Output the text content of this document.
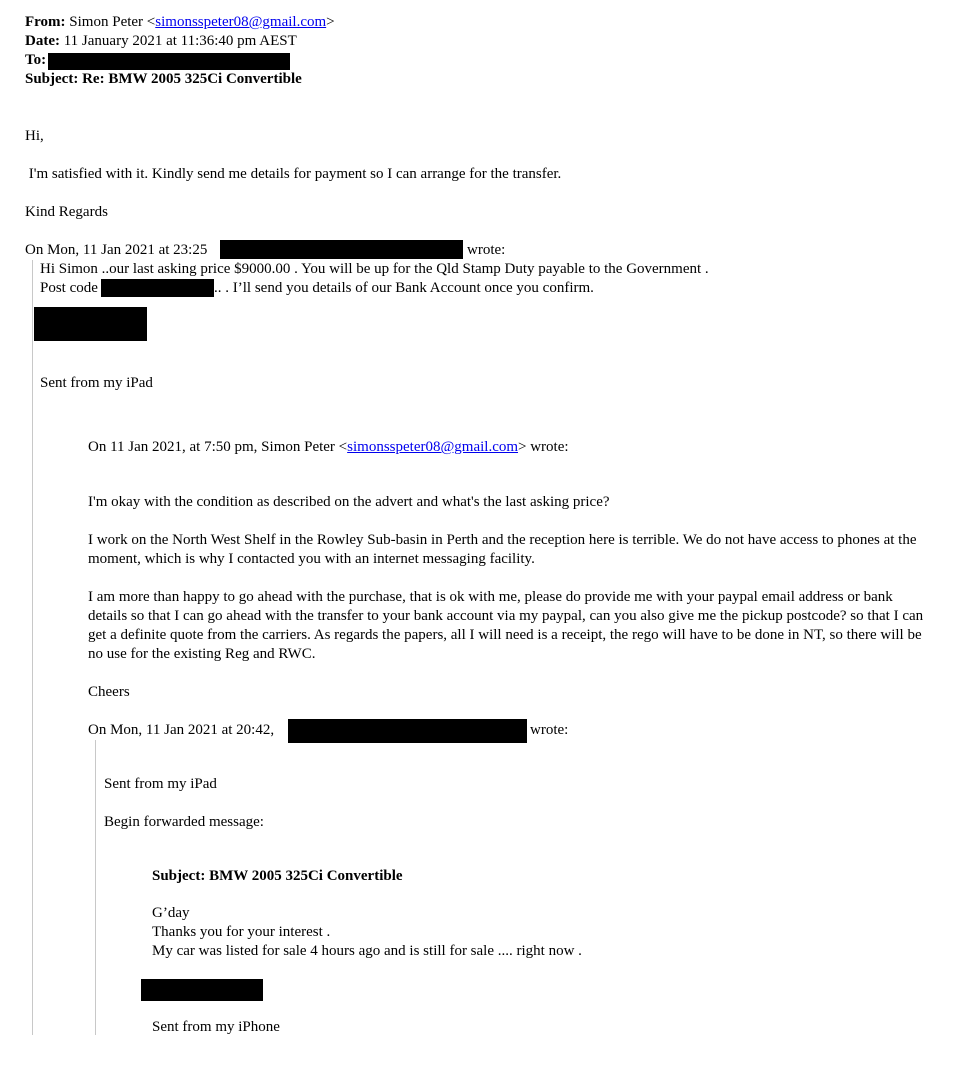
From: Simon Peter <simonsspeter08@gmail.com>
Date: 11 January 2021 at 11:36:40 pm AEST
To:
Subject: Re: BMW 2005 325Ci Convertible
Hi,
I'm satisfied with it. Kindly send me details for payment so I can arrange for the transfer.
Kind Regards
On Mon, 11 Jan 2021 at 23:25	wrote:
Hi Simon ..our last asking price $9000.00 . You will be up for the Qld Stamp Duty payable to the Government .
Post code	.. . I’ll send you details of our Bank Account once you confirm.
Sent from my iPad
On 11 Jan 2021, at 7:50 pm, Simon Peter <simonsspeter08@gmail.com> wrote:
I'm okay with the condition as described on the advert and what's the last asking price?
I work on the North West Shelf in the Rowley Sub-basin in Perth and the reception here is terrible. We do not have access to phones at the moment, which is why I contacted you with an internet messaging facility.
I am more than happy to go ahead with the purchase, that is ok with me, please do provide me with your paypal email address or bank details so that I can go ahead with the transfer to your bank account via my paypal, can you also give me the pickup postcode? so that I can get a definite quote from the carriers. As regards the papers, all I will need is a receipt, the rego will have to be done in NT, so there will be no use for the existing Reg and RWC.
Cheers
On Mon, 11 Jan 2021 at 20:42,	wrote:
Sent from my iPad
Begin forwarded message:
Subject: BMW 2005 325Ci Convertible
G’day
Thanks you for your interest .
My car was listed for sale 4 hours ago and is still for sale .... right now .
Sent from my iPhone
